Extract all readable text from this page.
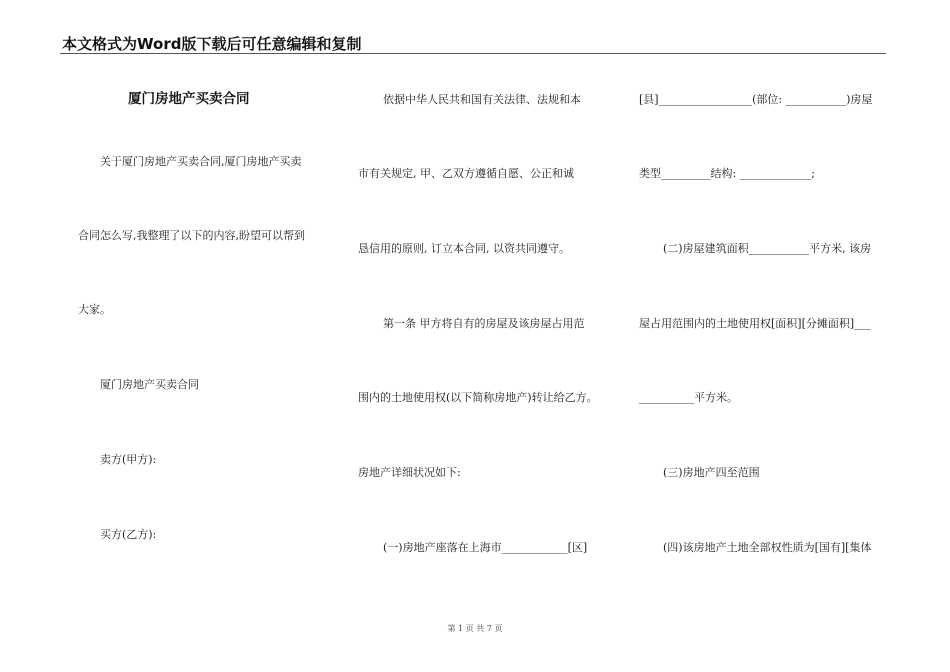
本文格式为Word版下载后可任意编辑和复制
厦门房地产买卖合同
关于厦门房地产买卖合同,厦门房地产买卖
合同怎么写,我整理了以下的内容,盼望可以帮到
大家。
厦门房地产买卖合同
卖方(甲方):
买方(乙方):
依据中华人民共和国有关法律、法规和本
市有关规定, 甲、乙双方遵循自愿、公正和诚
恳信用的原则, 订立本合同, 以资共同遵守。
第一条 甲方将自有的房屋及该房屋占用范
围内的土地使用权(以下简称房地产)转让给乙方。
房地产详细状况如下:
(一)房地产座落在上海市____________[区]
[县]_________________(部位: ___________)房屋
类型_________结构: _____________;
(二)房屋建筑面积___________平方米, 该房
屋占用范围内的土地使用权[面积][分摊面积]___
__________平方米。
(三)房地产四至范围
(四)该房地产土地全部权性质为[国有][集体
第 1 页 共 7 页
